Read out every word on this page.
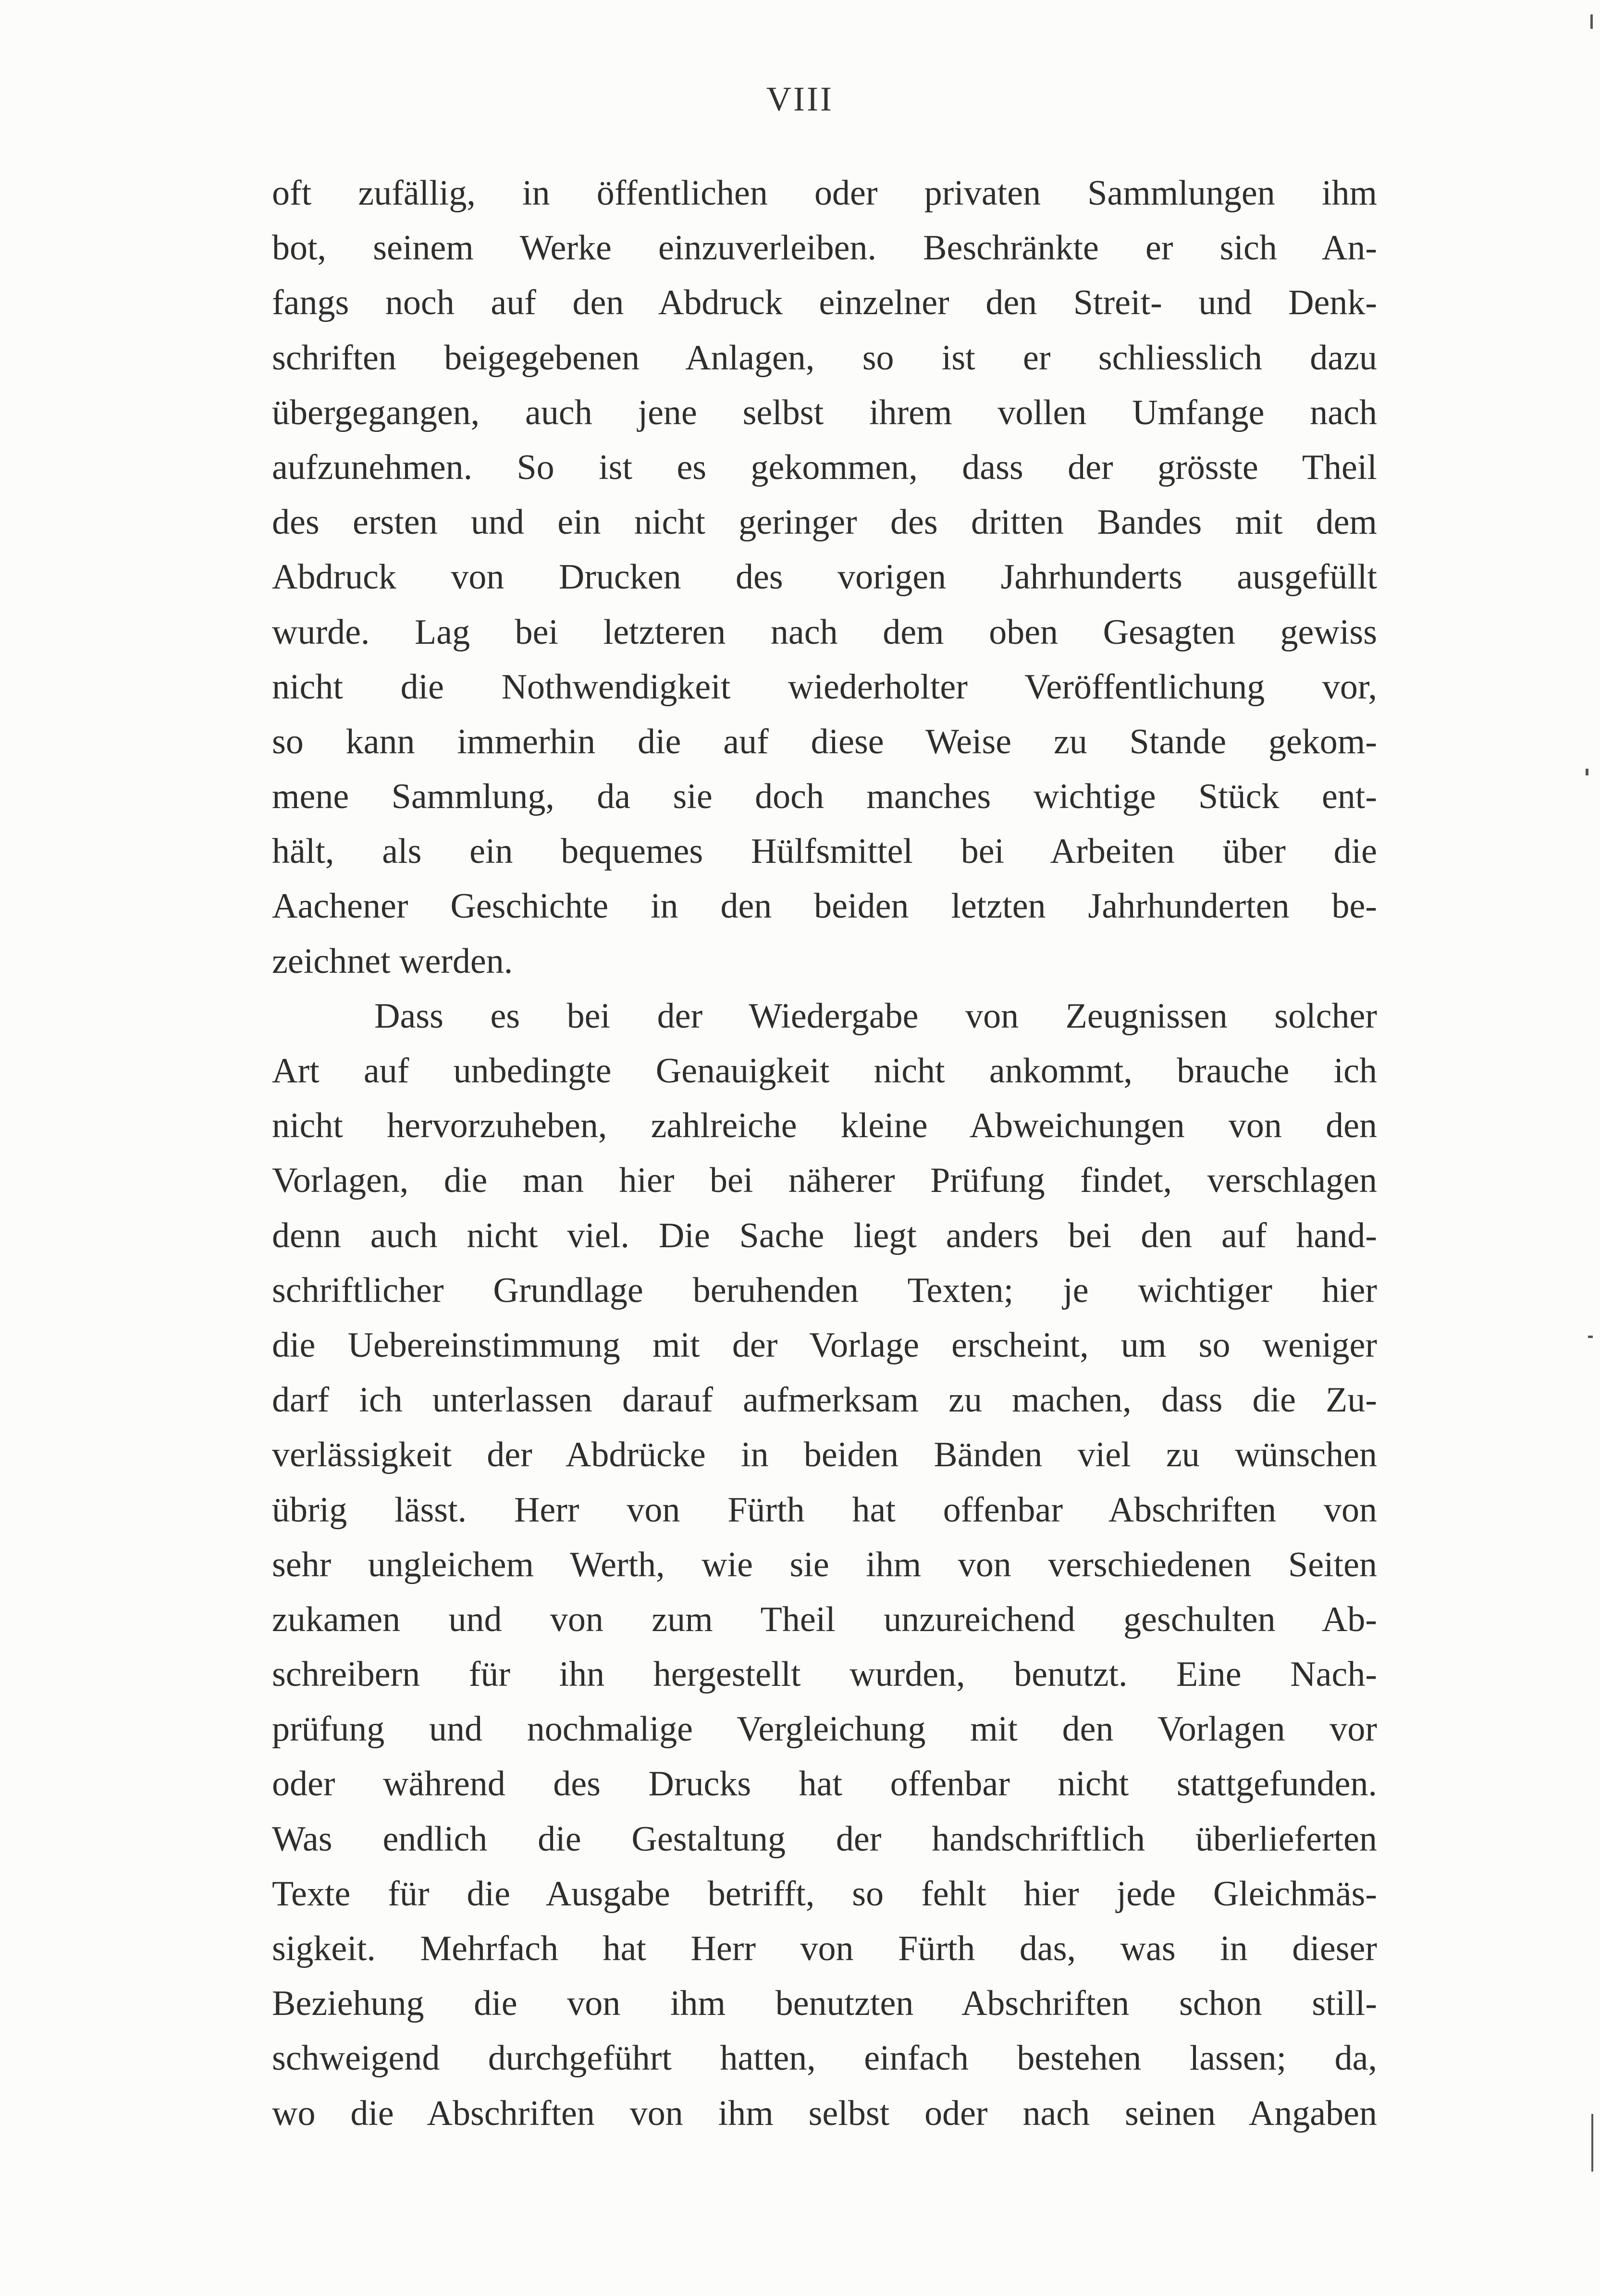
VIII
oft zufällig, in öffentlichen oder privaten Sammlungen ihm
bot, seinem Werke einzuverleiben. Beschränkte er sich An-
fangs noch auf den Abdruck einzelner den Streit- und Denk-
schriften beigegebenen Anlagen, so ist er schliesslich dazu
übergegangen, auch jene selbst ihrem vollen Umfange nach
aufzunehmen. So ist es gekommen, dass der grösste Theil
des ersten und ein nicht geringer des dritten Bandes mit dem
Abdruck von Drucken des vorigen Jahrhunderts ausgefüllt
wurde. Lag bei letzteren nach dem oben Gesagten gewiss
nicht die Nothwendigkeit wiederholter Veröffentlichung vor,
so kann immerhin die auf diese Weise zu Stande gekom-
mene Sammlung, da sie doch manches wichtige Stück ent-
hält, als ein bequemes Hülfsmittel bei Arbeiten über die
Aachener Geschichte in den beiden letzten Jahrhunderten be-
zeichnet werden.
Dass es bei der Wiedergabe von Zeugnissen solcher
Art auf unbedingte Genauigkeit nicht ankommt, brauche ich
nicht hervorzuheben, zahlreiche kleine Abweichungen von den
Vorlagen, die man hier bei näherer Prüfung findet, verschlagen
denn auch nicht viel. Die Sache liegt anders bei den auf hand-
schriftlicher Grundlage beruhenden Texten; je wichtiger hier
die Uebereinstimmung mit der Vorlage erscheint, um so weniger
darf ich unterlassen darauf aufmerksam zu machen, dass die Zu-
verlässigkeit der Abdrücke in beiden Bänden viel zu wünschen
übrig lässt. Herr von Fürth hat offenbar Abschriften von
sehr ungleichem Werth, wie sie ihm von verschiedenen Seiten
zukamen und von zum Theil unzureichend geschulten Ab-
schreibern für ihn hergestellt wurden, benutzt. Eine Nach-
prüfung und nochmalige Vergleichung mit den Vorlagen vor
oder während des Drucks hat offenbar nicht stattgefunden.
Was endlich die Gestaltung der handschriftlich überlieferten
Texte für die Ausgabe betrifft, so fehlt hier jede Gleichmäs-
sigkeit. Mehrfach hat Herr von Fürth das, was in dieser
Beziehung die von ihm benutzten Abschriften schon still-
schweigend durchgeführt hatten, einfach bestehen lassen; da,
wo die Abschriften von ihm selbst oder nach seinen Angaben
